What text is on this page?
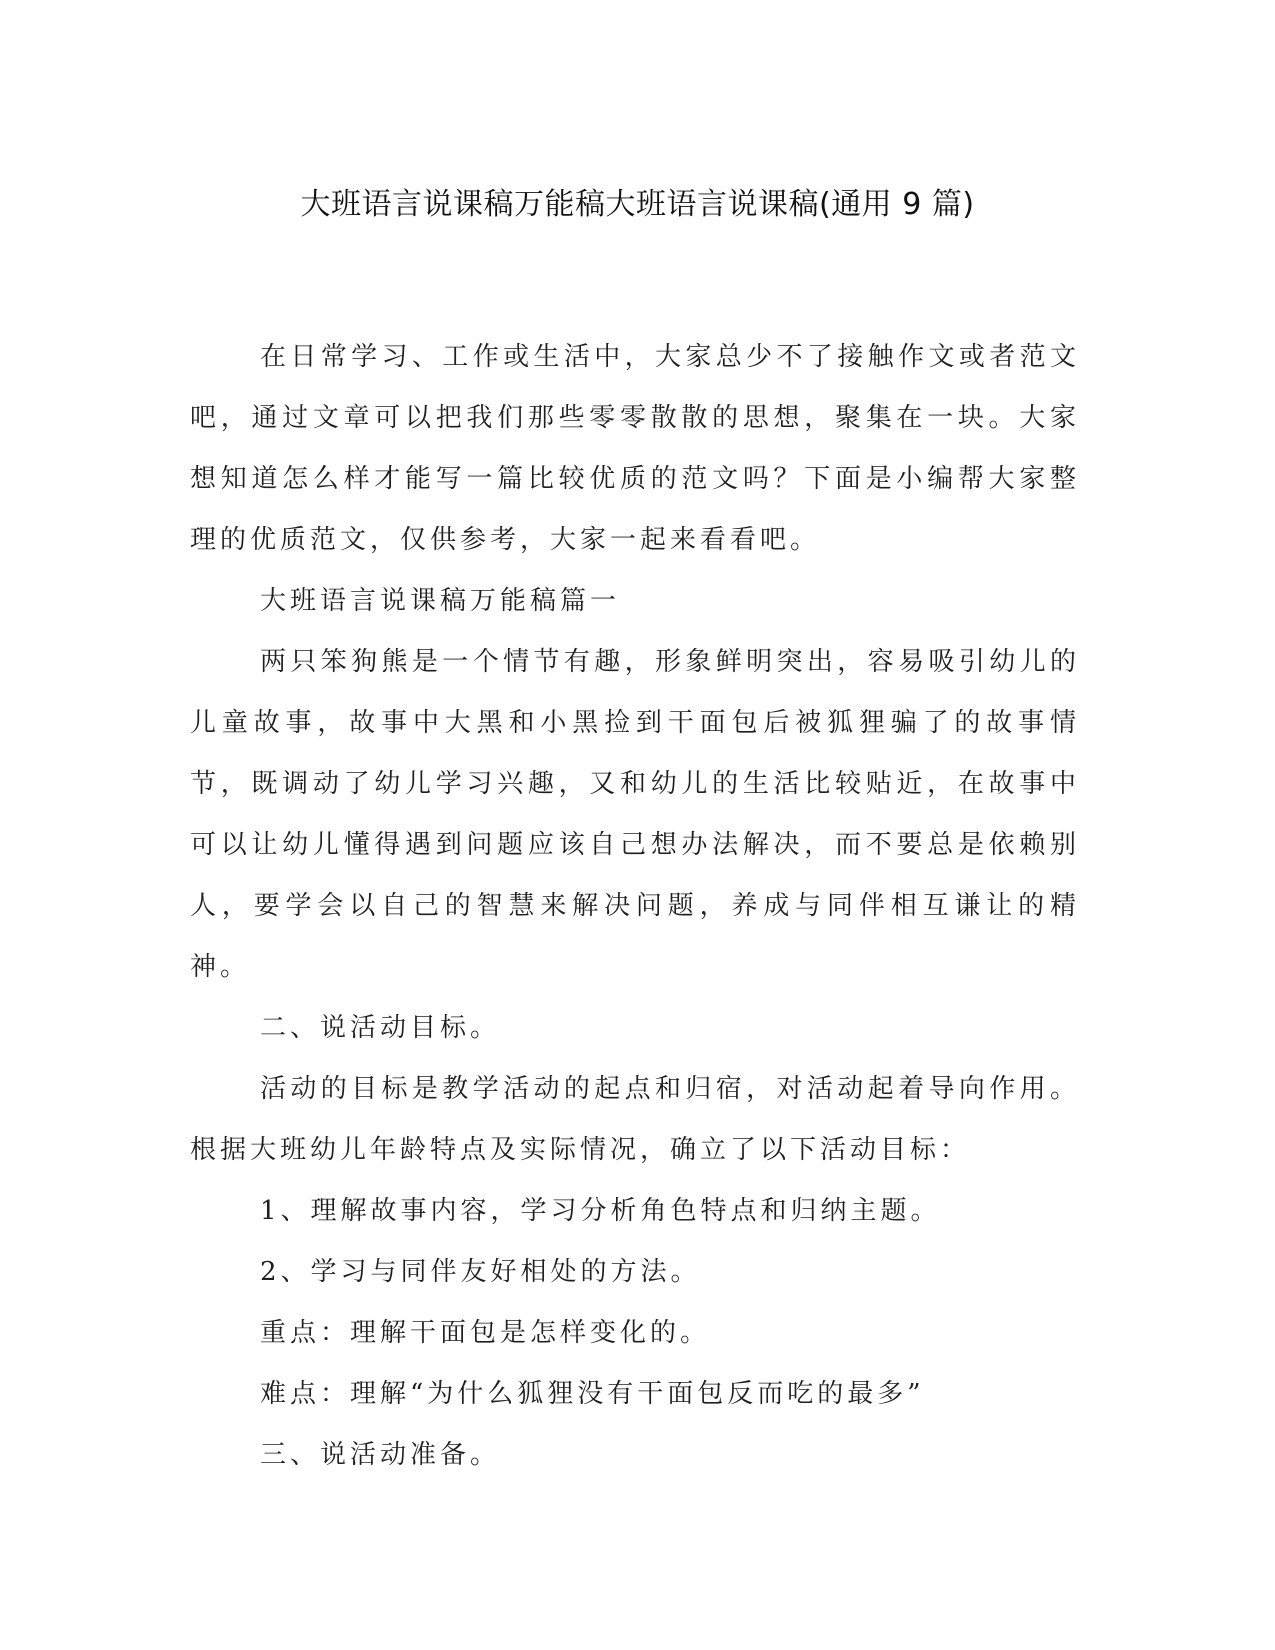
大班语言说课稿万能稿大班语言说课稿(通用 9 篇)

在日常学习、工作或生活中，大家总少不了接触作文或者范文吧，通过文章可以把我们那些零零散散的思想，聚集在一块。大家想知道怎么样才能写一篇比较优质的范文吗？下面是小编帮大家整理的优质范文，仅供参考，大家一起来看看吧。

大班语言说课稿万能稿篇一

两只笨狗熊是一个情节有趣，形象鲜明突出，容易吸引幼儿的儿童故事，故事中大黑和小黑捡到干面包后被狐狸骗了的故事情节，既调动了幼儿学习兴趣，又和幼儿的生活比较贴近，在故事中可以让幼儿懂得遇到问题应该自己想办法解决，而不要总是依赖别人，要学会以自己的智慧来解决问题，养成与同伴相互谦让的精神。

二、说活动目标。

活动的目标是教学活动的起点和归宿，对活动起着导向作用。根据大班幼儿年龄特点及实际情况，确立了以下活动目标：

1、理解故事内容，学习分析角色特点和归纳主题。

2、学习与同伴友好相处的方法。

重点：理解干面包是怎样变化的。

难点：理解“为什么狐狸没有干面包反而吃的最多”

三、说活动准备。
